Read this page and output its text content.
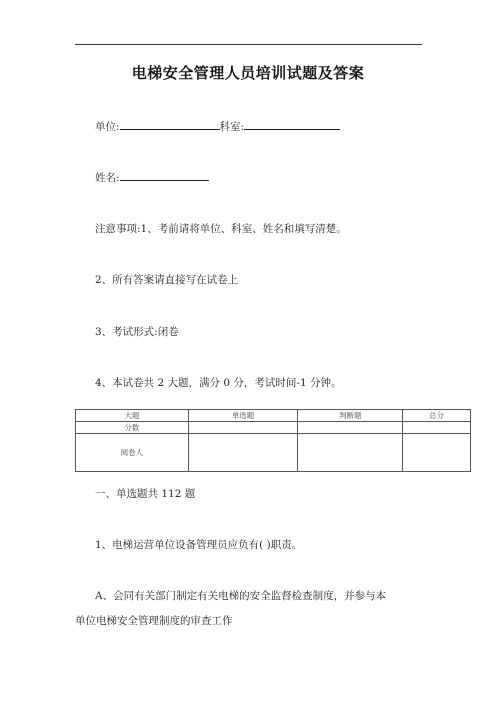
电梯安全管理人员培训试题及答案
单位:	科室:
姓名:
注意事项:1、考前请将单位、科室、姓名和填写清楚。
2、所有答案请直接写在试卷上
3、考试形式:闭卷
4、本试卷共 2 大题，满分 0 分，考试时间-1 分钟。
大题	单选题	判断题	总分
分数			
阅卷人			
一、单选题共 112 题
1、电梯运营单位设备管理员应负有( )职责。
A、会同有关部门制定有关电梯的安全监督检查制度，并参与本
单位电梯安全管理制度的审查工作
